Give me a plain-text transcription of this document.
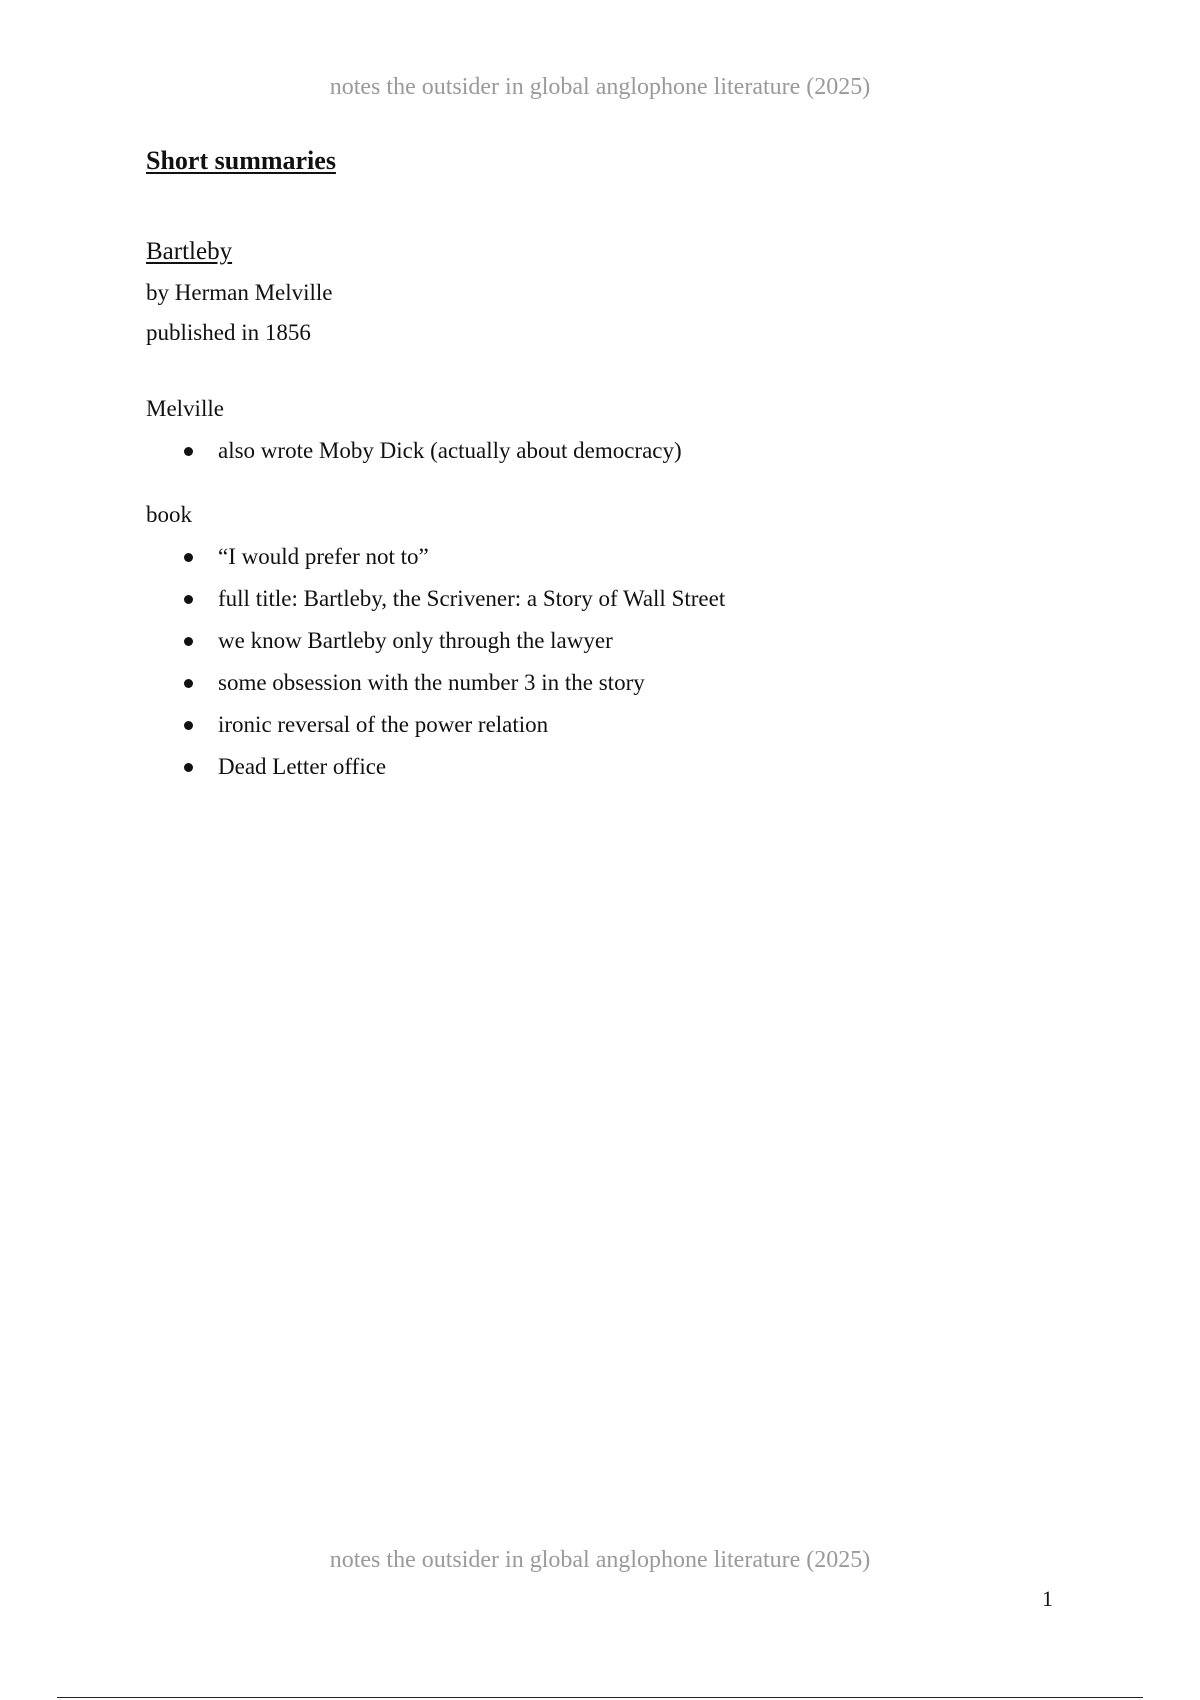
notes the outsider in global anglophone literature (2025)
Short summaries
Bartleby
by Herman Melville
published in 1856
Melville
also wrote Moby Dick (actually about democracy)
book
“I would prefer not to”
full title: Bartleby, the Scrivener: a Story of Wall Street
we know Bartleby only through the lawyer
some obsession with the number 3 in the story
ironic reversal of the power relation
Dead Letter office
notes the outsider in global anglophone literature (2025)
1
